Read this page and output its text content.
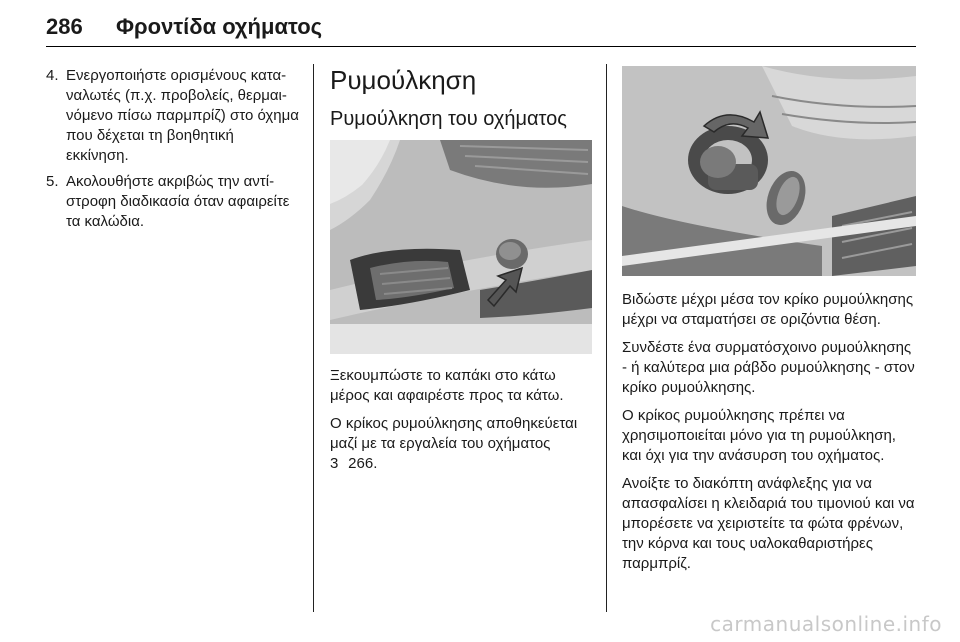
286 Φροντίδα οχήματος
4. Ενεργοποιήστε ορισμένους καταναλωτές (π.χ. προβολείς, θερμαινόμενο πίσω παρμπρίζ) στο όχημα που δέχεται τη βοηθητική εκκίνηση.
5. Ακολουθήστε ακριβώς την αντίστροφη διαδικασία όταν αφαιρείτε τα καλώδια.
Ρυμούλκηση
Ρυμούλκηση του οχήματος

Ξεκουμπώστε το καπάκι στο κάτω μέρος και αφαιρέστε προς τα κάτω.

Ο κρίκος ρυμούλκησης αποθηκεύεται μαζί με τα εργαλεία του οχήματος

3 266.

Βιδώστε μέχρι μέσα τον κρίκο ρυμούλκησης μέχρι να σταματήσει σε οριζόντια θέση.

Συνδέστε ένα συρματόσχοινο ρυμούλκησης - ή καλύτερα μια ράβδο ρυμούλκησης - στον κρίκο ρυμούλκησης.

Ο κρίκος ρυμούλκησης πρέπει να χρησιμοποιείται μόνο για τη ρυμούλκηση, και όχι για την ανάσυρση του οχήματος.

Ανοίξτε το διακόπτη ανάφλεξης για να απασφαλίσει η κλειδαριά του τιμονιού και να μπορέσετε να χειριστείτε τα φώτα φρένων, την κόρνα και τους υαλοκαθαριστήρες παρμπρίζ.

carmanualsonline.info
